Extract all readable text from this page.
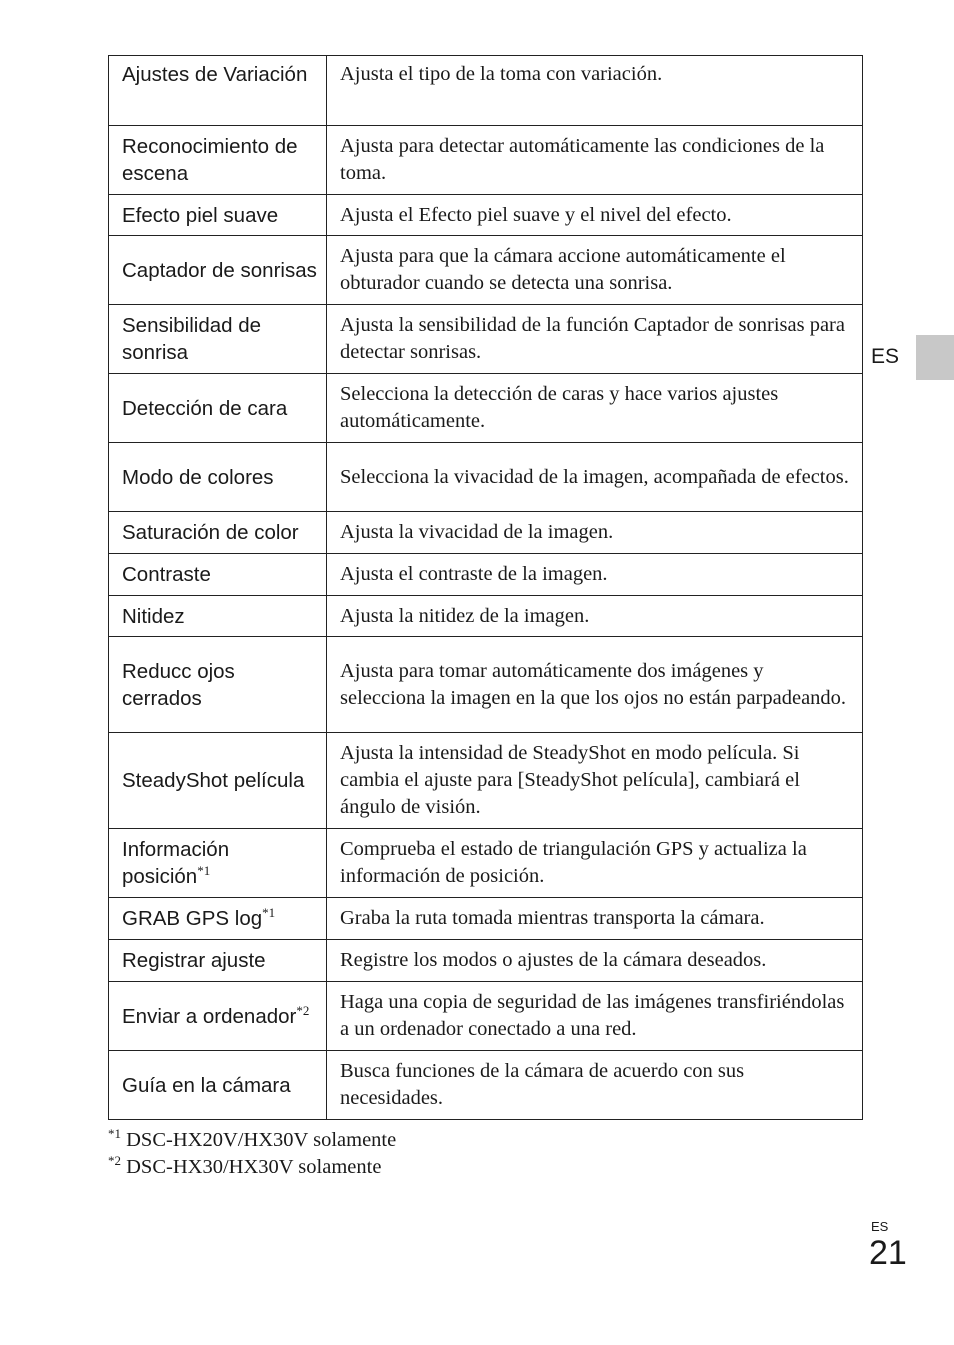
ES
Ajustes de Variación	Ajusta el tipo de la toma con variación.
Reconocimiento de escena	Ajusta para detectar automáticamente las condiciones de la toma.
Efecto piel suave	Ajusta el Efecto piel suave y el nivel del efecto.
Captador de sonrisas	Ajusta para que la cámara accione automáticamente el obturador cuando se detecta una sonrisa.
Sensibilidad de sonrisa	Ajusta la sensibilidad de la función Captador de sonrisas para detectar sonrisas.
Detección de cara	Selecciona la detección de caras y hace varios ajustes automáticamente.
Modo de colores	Selecciona la vivacidad de la imagen, acompañada de efectos.
Saturación de color	Ajusta la vivacidad de la imagen.
Contraste	Ajusta el contraste de la imagen.
Nitidez	Ajusta la nitidez de la imagen.
Reducc ojos cerrados	Ajusta para tomar automáticamente dos imágenes y selecciona la imagen en la que los ojos no están parpadeando.
SteadyShot película	Ajusta la intensidad de SteadyShot en modo película. Si cambia el ajuste para [SteadyShot película], cambiará el ángulo de visión.
Información posición$^{*1}$	Comprueba el estado de triangulación GPS y actualiza la información de posición.
GRAB GPS $\log^{*1}$	Graba la ruta tomada mientras transporta la cámara.
Registrar ajuste	Registre los modos o ajustes de la cámara deseados.
Enviar a ordenador$^{*2}$	Haga una copia de seguridad de las imágenes transfiriéndolas a un ordenador conectado a una red.
Guía en la cámara	Busca funciones de la cámara de acuerdo con sus necesidades.
$^{*1}$ DSC-HX20V/HX30V solamente
$^{*2}$ DSC-HX30/HX30V solamente
ES
21
